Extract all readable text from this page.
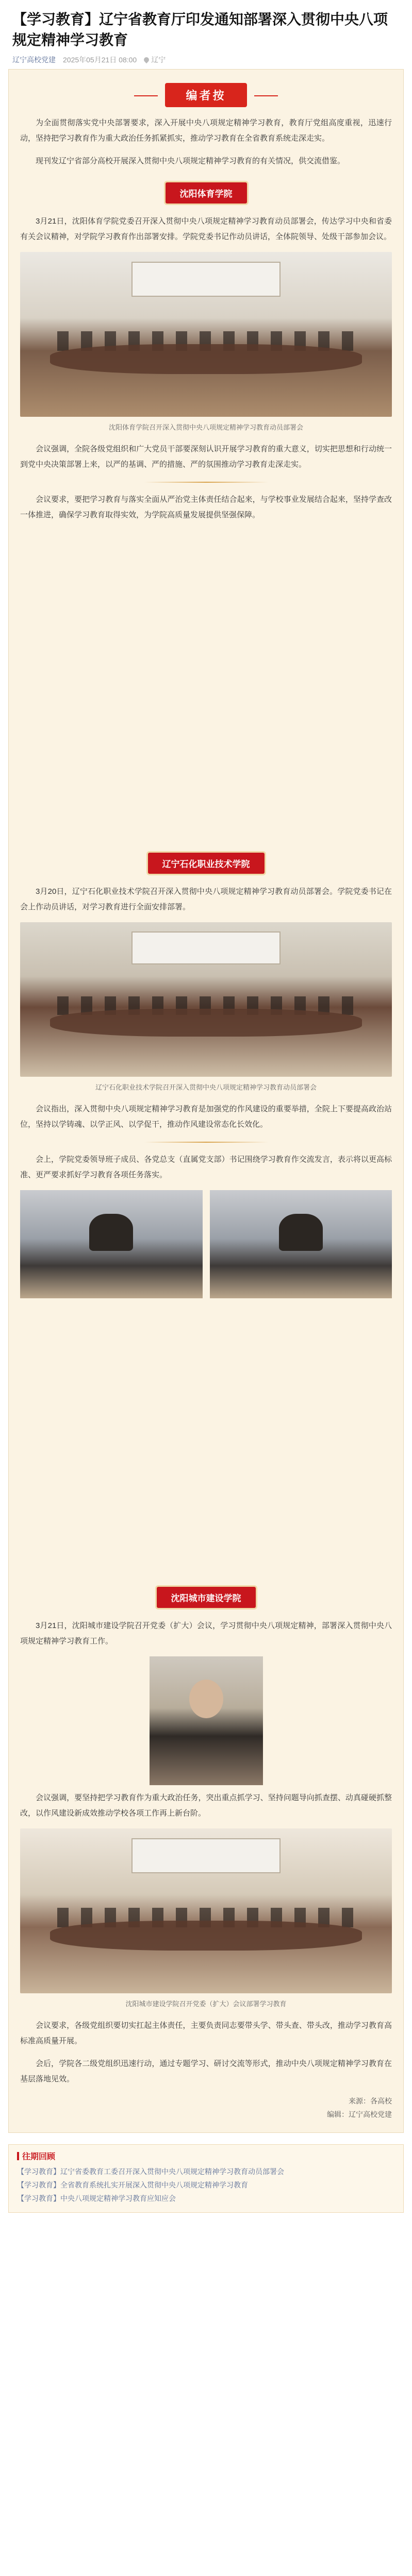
【学习教育】辽宁省教育厅印发通知部署深入贯彻中央八项规定精神学习教育
辽宁高校党建 2025年05月21日 08:00 辽宁
编者按

为全面贯彻落实党中央部署要求，深入开展中央八项规定精神学习教育，教育厅党组高度重视，迅速行动，坚持把学习教育作为重大政治任务抓紧抓实，推动学习教育在全省教育系统走深走实。

现刊发辽宁省部分高校开展深入贯彻中央八项规定精神学习教育的有关情况，供交流借鉴。

沈阳体育学院

3月21日，沈阳体育学院党委召开深入贯彻中央八项规定精神学习教育动员部署会，传达学习中央和省委有关会议精神，对学院学习教育作出部署安排。学院党委书记作动员讲话，全体院领导、处级干部参加会议。

沈阳体育学院召开深入贯彻中央八项规定精神学习教育动员部署会

会议强调，全院各级党组织和广大党员干部要深刻认识开展学习教育的重大意义，切实把思想和行动统一到党中央决策部署上来，以严的基调、严的措施、严的氛围推动学习教育走深走实。

会议要求，要把学习教育与落实全面从严治党主体责任结合起来，与学校事业发展结合起来，坚持学查改一体推进，确保学习教育取得实效，为学院高质量发展提供坚强保障。

辽宁石化职业技术学院

3月20日，辽宁石化职业技术学院召开深入贯彻中央八项规定精神学习教育动员部署会。学院党委书记在会上作动员讲话，对学习教育进行全面安排部署。

辽宁石化职业技术学院召开深入贯彻中央八项规定精神学习教育动员部署会

会议指出，深入贯彻中央八项规定精神学习教育是加强党的作风建设的重要举措，全院上下要提高政治站位，坚持以学铸魂、以学正风、以学促干，推动作风建设常态化长效化。

会上，学院党委领导班子成员、各党总支（直属党支部）书记围绕学习教育作交流发言，表示将以更高标准、更严要求抓好学习教育各项任务落实。

沈阳城市建设学院

3月21日，沈阳城市建设学院召开党委（扩大）会议，学习贯彻中央八项规定精神，部署深入贯彻中央八项规定精神学习教育工作。

会议强调，要坚持把学习教育作为重大政治任务，突出重点抓学习、坚持问题导向抓查摆、动真碰硬抓整改，以作风建设新成效推动学校各项工作再上新台阶。

沈阳城市建设学院召开党委（扩大）会议部署学习教育

会议要求，各级党组织要切实扛起主体责任，主要负责同志要带头学、带头查、带头改，推动学习教育高标准高质量开展。

会后，学院各二级党组织迅速行动，通过专题学习、研讨交流等形式，推动中央八项规定精神学习教育在基层落地见效。

来源：各高校
编辑：辽宁高校党建
往期回顾
【学习教育】辽宁省委教育工委召开深入贯彻中央八项规定精神学习教育动员部署会
【学习教育】全省教育系统扎实开展深入贯彻中央八项规定精神学习教育
【学习教育】中央八项规定精神学习教育应知应会
